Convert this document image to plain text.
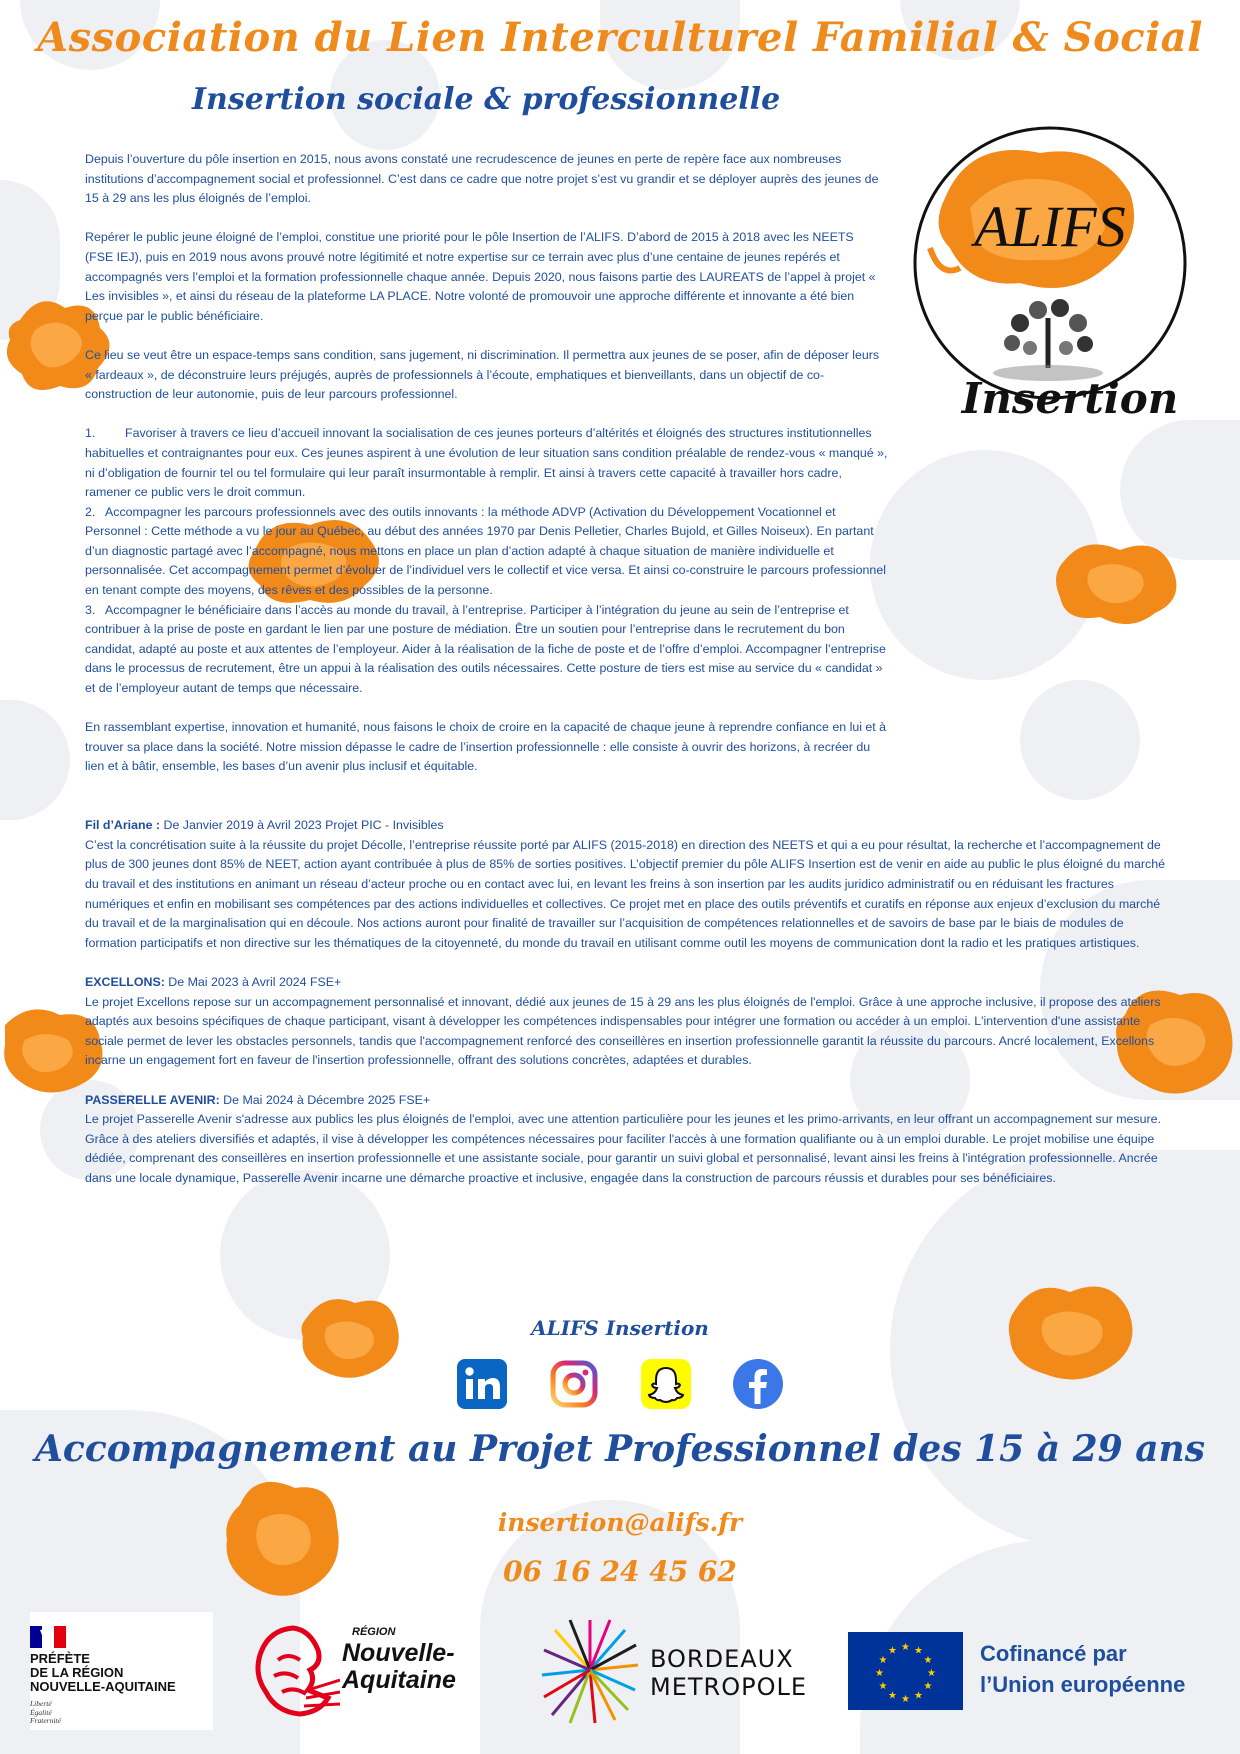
Association du Lien Interculturel Familial & Social
Insertion sociale & professionnelle
ALIFS
Insertion

Depuis l’ouverture du pôle insertion en 2015, nous avons constaté une recrudescence de jeunes en perte de repère face aux nombreuses institutions d’accompagnement social et professionnel. C’est dans ce cadre que notre projet s’est vu grandir et se déployer auprès des jeunes de 15 à 29 ans les plus éloignés de l’emploi.

Repérer le public jeune éloigné de l’emploi, constitue une priorité pour le pôle Insertion de l’ALIFS. D’abord de 2015 à 2018 avec les NEETS (FSE IEJ), puis en 2019 nous avons prouvé notre légitimité et notre expertise sur ce terrain avec plus d’une centaine de jeunes repérés et accompagnés vers l’emploi et la formation professionnelle chaque année. Depuis 2020, nous faisons partie des LAUREATS de l’appel à projet « Les invisibles », et ainsi du réseau de la plateforme LA PLACE. Notre volonté de promouvoir une approche différente et innovante a été bien perçue par le public bénéficiaire.

Ce lieu se veut être un espace-temps sans condition, sans jugement, ni discrimination. Il permettra aux jeunes de se poser, afin de déposer leurs « fardeaux », de déconstruire leurs préjugés, auprès de professionnels à l’écoute, emphatiques et bienveillants, dans un objectif de co-construction de leur autonomie, puis de leur parcours professionnel.

1. Favoriser à travers ce lieu d’accueil innovant la socialisation de ces jeunes porteurs d’altérités et éloignés des structures institutionnelles habituelles et contraignantes pour eux. Ces jeunes aspirent à une évolution de leur situation sans condition préalable de rendez-vous « manqué », ni d’obligation de fournir tel ou tel formulaire qui leur paraît insurmontable à remplir. Et ainsi à travers cette capacité à travailler hors cadre, ramener ce public vers le droit commun.

2. Accompagner les parcours professionnels avec des outils innovants : la méthode ADVP (Activation du Développement Vocationnel et Personnel : Cette méthode a vu le jour au Québec, au début des années 1970 par Denis Pelletier, Charles Bujold, et Gilles Noiseux). En partant d’un diagnostic partagé avec l’accompagné, nous mettons en place un plan d’action adapté à chaque situation de manière individuelle et personnalisée. Cet accompagnement permet d’évoluer de l’individuel vers le collectif et vice versa. Et ainsi co-construire le parcours professionnel en tenant compte des moyens, des rêves et des possibles de la personne.

3. Accompagner le bénéficiaire dans l’accès au monde du travail, à l’entreprise. Participer à l’intégration du jeune au sein de l’entreprise et contribuer à la prise de poste en gardant le lien par une posture de médiation. Être un soutien pour l’entreprise dans le recrutement du bon candidat, adapté au poste et aux attentes de l’employeur. Aider à la réalisation de la fiche de poste et de l’offre d’emploi. Accompagner l’entreprise dans le processus de recrutement, être un appui à la réalisation des outils nécessaires. Cette posture de tiers est mise au service du « candidat » et de l’employeur autant de temps que nécessaire.

En rassemblant expertise, innovation et humanité, nous faisons le choix de croire en la capacité de chaque jeune à reprendre confiance en lui et à trouver sa place dans la société. Notre mission dépasse le cadre de l’insertion professionnelle : elle consiste à ouvrir des horizons, à recréer du lien et à bâtir, ensemble, les bases d’un avenir plus inclusif et équitable.

Fil d’Ariane : De Janvier 2019 à Avril 2023 Projet PIC - Invisibles

C’est la concrétisation suite à la réussite du projet Décolle, l’entreprise réussite porté par ALIFS (2015-2018) en direction des NEETS et qui a eu pour résultat, la recherche et l’accompagnement de plus de 300 jeunes dont 85% de NEET, action ayant contribuée à plus de 85% de sorties positives. L’objectif premier du pôle ALIFS Insertion est de venir en aide au public le plus éloigné du marché du travail et des institutions en animant un réseau d’acteur proche ou en contact avec lui, en levant les freins à son insertion par les audits juridico administratif ou en réduisant les fractures numériques et enfin en mobilisant ses compétences par des actions individuelles et collectives. Ce projet met en place des outils préventifs et curatifs en réponse aux enjeux d’exclusion du marché du travail et de la marginalisation qui en découle. Nos actions auront pour finalité de travailler sur l’acquisition de compétences relationnelles et de savoirs de base par le biais de modules de formation participatifs et non directive sur les thématiques de la citoyenneté, du monde du travail en utilisant comme outil les moyens de communication dont la radio et les pratiques artistiques.

EXCELLONS: De Mai 2023 à Avril 2024 FSE+

Le projet Excellons repose sur un accompagnement personnalisé et innovant, dédié aux jeunes de 15 à 29 ans les plus éloignés de l'emploi. Grâce à une approche inclusive, il propose des ateliers adaptés aux besoins spécifiques de chaque participant, visant à développer les compétences indispensables pour intégrer une formation ou accéder à un emploi. L'intervention d'une assistante sociale permet de lever les obstacles personnels, tandis que l'accompagnement renforcé des conseillères en insertion professionnelle garantit la réussite du parcours. Ancré localement, Excellons incarne un engagement fort en faveur de l'insertion professionnelle, offrant des solutions concrètes, adaptées et durables.

PASSERELLE AVENIR: De Mai 2024 à Décembre 2025 FSE+

Le projet Passerelle Avenir s'adresse aux publics les plus éloignés de l'emploi, avec une attention particulière pour les jeunes et les primo-arrivants, en leur offrant un accompagnement sur mesure. Grâce à des ateliers diversifiés et adaptés, il vise à développer les compétences nécessaires pour faciliter l'accès à une formation qualifiante ou à un emploi durable. Le projet mobilise une équipe dédiée, comprenant des conseillères en insertion professionnelle et une assistante sociale, pour garantir un suivi global et personnalisé, levant ainsi les freins à l'intégration professionnelle. Ancrée dans une locale dynamique, Passerelle Avenir incarne une démarche proactive et inclusive, engagée dans la construction de parcours réussis et durables pour ses bénéficiaires.

ALIFS Insertion
Accompagnement au Projet Professionnel des 15 à 29 ans
insertion@alifs.fr
06 16 24 45 62
PRÉFÈTE
DE LA RÉGION
NOUVELLE-AQUITAINE
Liberté
Égalité
Fraternité
RÉGION
Nouvelle-
Aquitaine
BORDEAUX
METROPOLE
★ ★
★
★
★
★
★
★
★
★
★
★	Cofinancé par
l’Union européenne
